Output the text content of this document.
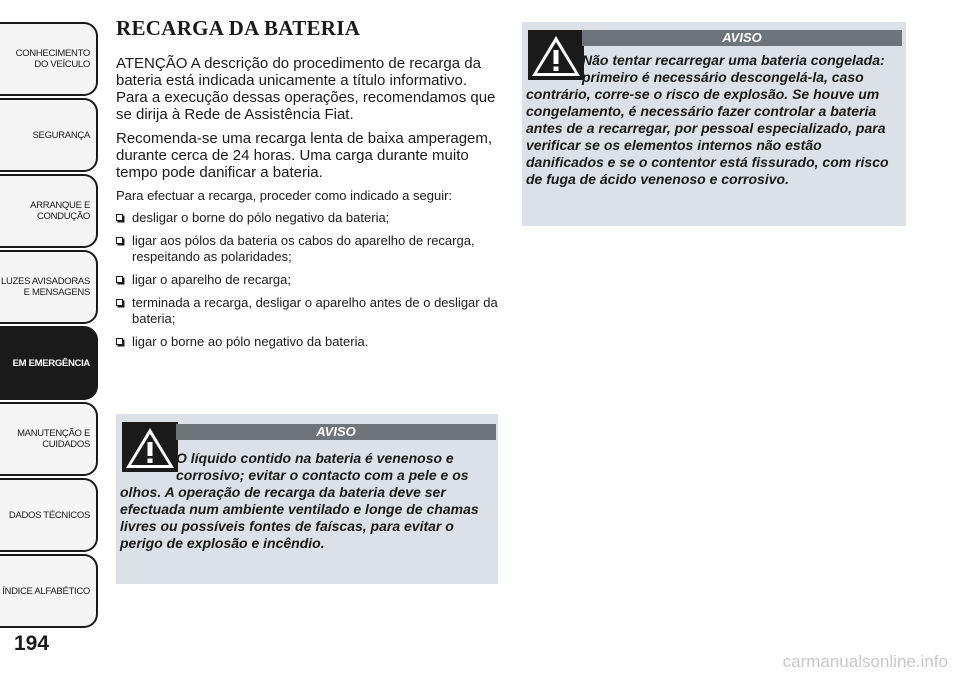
CONHECIMENTO
DO VEÍCULO
SEGURANÇA
ARRANQUE E
CONDUÇÃO
LUZES AVISADORAS
E MENSAGENS
EM EMERGÊNCIA
MANUTENÇÃO E
CUIDADOS
DADOS TÉCNICOS
ÍNDICE ALFABÉTICO
194
RECARGA DA BATERIA

ATENÇÃO A descrição do procedimento de recarga da bateria está indicada unicamente a título informativo. Para a execução dessas operações, recomendamos que se dirija à Rede de Assistência Fiat.

Recomenda-se uma recarga lenta de baixa amperagem, durante cerca de 24 horas. Uma carga durante muito tempo pode danificar a bateria.

Para efectuar a recarga, proceder como indicado a seguir:

desligar o borne do pólo negativo da bateria;
ligar aos pólos da bateria os cabos do aparelho de recarga, respeitando as polaridades;
ligar o aparelho de recarga;
terminada a recarga, desligar o aparelho antes de o desligar da bateria;
ligar o borne ao pólo negativo da bateria.
AVISO
O líquido contido na bateria é venenoso e corrosivo; evitar o contacto com a pele e os olhos. A operação de recarga da bateria deve ser efectuada num ambiente ventilado e longe de chamas livres ou possíveis fontes de faíscas, para evitar o perigo de explosão e incêndio.
AVISO
Não tentar recarregar uma bateria congelada: primeiro é necessário descongelá-la, caso contrário, corre-se o risco de explosão. Se houve um congelamento, é necessário fazer controlar a bateria antes de a recarregar, por pessoal especializado, para verificar se os elementos internos não estão danificados e se o contentor está fissurado, com risco de fuga de ácido venenoso e corrosivo.
carmanualsonline.info
